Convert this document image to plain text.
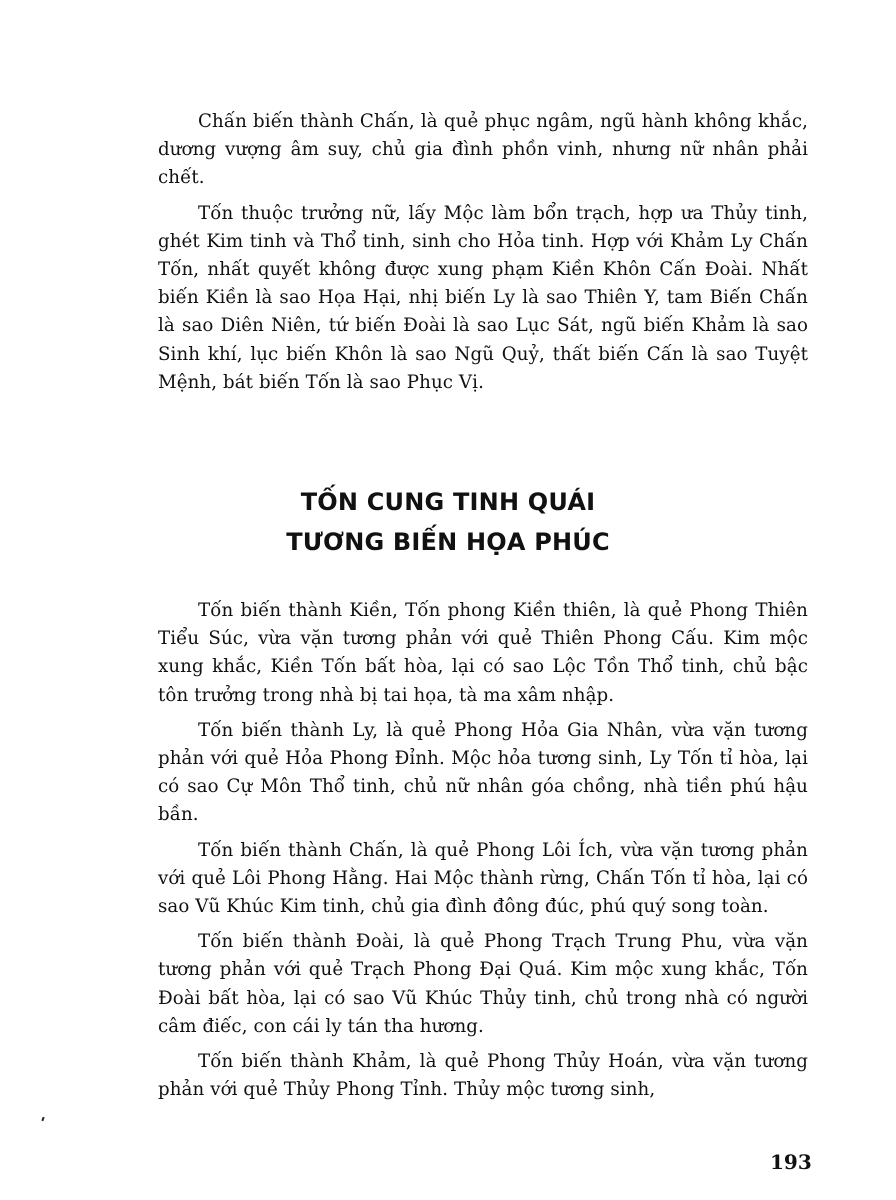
Chấn biến thành Chấn, là quẻ phục ngâm, ngũ hành không khắc, dương vượng âm suy, chủ gia đình phồn vinh, nhưng nữ nhân phải chết.

Tốn thuộc trưởng nữ, lấy Mộc làm bổn trạch, hợp ưa Thủy tinh, ghét Kim tinh và Thổ tinh, sinh cho Hỏa tinh. Hợp với Khảm Ly Chấn Tốn, nhất quyết không được xung phạm Kiền Khôn Cấn Đoài. Nhất biến Kiền là sao Họa Hại, nhị biến Ly là sao Thiên Y, tam Biến Chấn là sao Diên Niên, tứ biến Đoài là sao Lục Sát, ngũ biến Khảm là sao Sinh khí, lục biến Khôn là sao Ngũ Quỷ, thất biến Cấn là sao Tuyệt Mệnh, bát biến Tốn là sao Phục Vị.

TỐN CUNG TINH QUÁI
TƯƠNG BIẾN HỌA PHÚC

Tốn biến thành Kiền, Tốn phong Kiền thiên, là quẻ Phong Thiên Tiểu Súc, vừa vặn tương phản với quẻ Thiên Phong Cấu. Kim mộc xung khắc, Kiền Tốn bất hòa, lại có sao Lộc Tồn Thổ tinh, chủ bậc tôn trưởng trong nhà bị tai họa, tà ma xâm nhập.

Tốn biến thành Ly, là quẻ Phong Hỏa Gia Nhân, vừa vặn tương phản với quẻ Hỏa Phong Đỉnh. Mộc hỏa tương sinh, Ly Tốn tỉ hòa, lại có sao Cự Môn Thổ tinh, chủ nữ nhân góa chồng, nhà tiền phú hậu bần.

Tốn biến thành Chấn, là quẻ Phong Lôi Ích, vừa vặn tương phản với quẻ Lôi Phong Hằng. Hai Mộc thành rừng, Chấn Tốn tỉ hòa, lại có sao Vũ Khúc Kim tinh, chủ gia đình đông đúc, phú quý song toàn.

Tốn biến thành Đoài, là quẻ Phong Trạch Trung Phu, vừa vặn tương phản với quẻ Trạch Phong Đại Quá. Kim mộc xung khắc, Tốn Đoài bất hòa, lại có sao Vũ Khúc Thủy tinh, chủ trong nhà có người câm điếc, con cái ly tán tha hương.

Tốn biến thành Khảm, là quẻ Phong Thủy Hoán, vừa vặn tương phản với quẻ Thủy Phong Tỉnh. Thủy mộc tương sinh,

193
